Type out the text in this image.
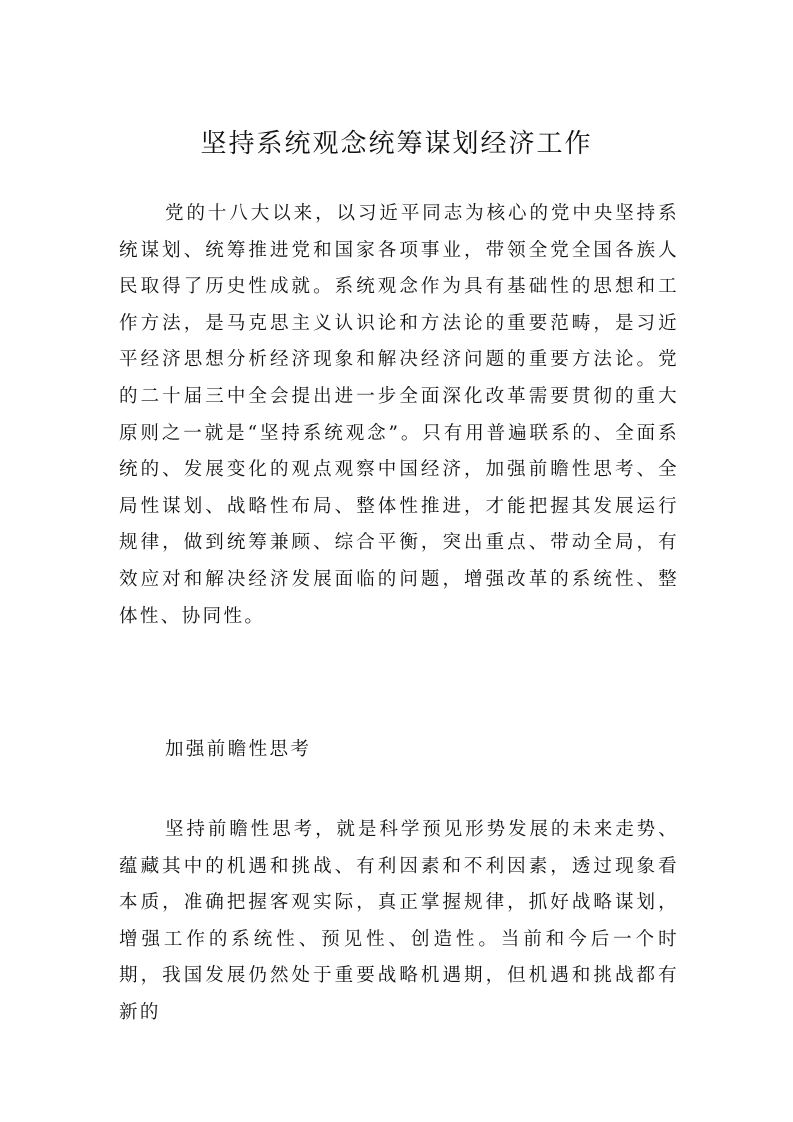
坚持系统观念统筹谋划经济工作

党的十八大以来，以习近平同志为核心的党中央坚持系统谋划、统筹推进党和国家各项事业，带领全党全国各族人民取得了历史性成就。系统观念作为具有基础性的思想和工作方法，是马克思主义认识论和方法论的重要范畴，是习近平经济思想分析经济现象和解决经济问题的重要方法论。党的二十届三中全会提出进一步全面深化改革需要贯彻的重大原则之一就是“坚持系统观念”。只有用普遍联系的、全面系统的、发展变化的观点观察中国经济，加强前瞻性思考、全局性谋划、战略性布局、整体性推进，才能把握其发展运行规律，做到统筹兼顾、综合平衡，突出重点、带动全局，有效应对和解决经济发展面临的问题，增强改革的系统性、整体性、协同性。

加强前瞻性思考

坚持前瞻性思考，就是科学预见形势发展的未来走势、蕴藏其中的机遇和挑战、有利因素和不利因素，透过现象看本质，准确把握客观实际，真正掌握规律，抓好战略谋划，增强工作的系统性、预见性、创造性。当前和今后一个时期，我国发展仍然处于重要战略机遇期，但机遇和挑战都有新的
